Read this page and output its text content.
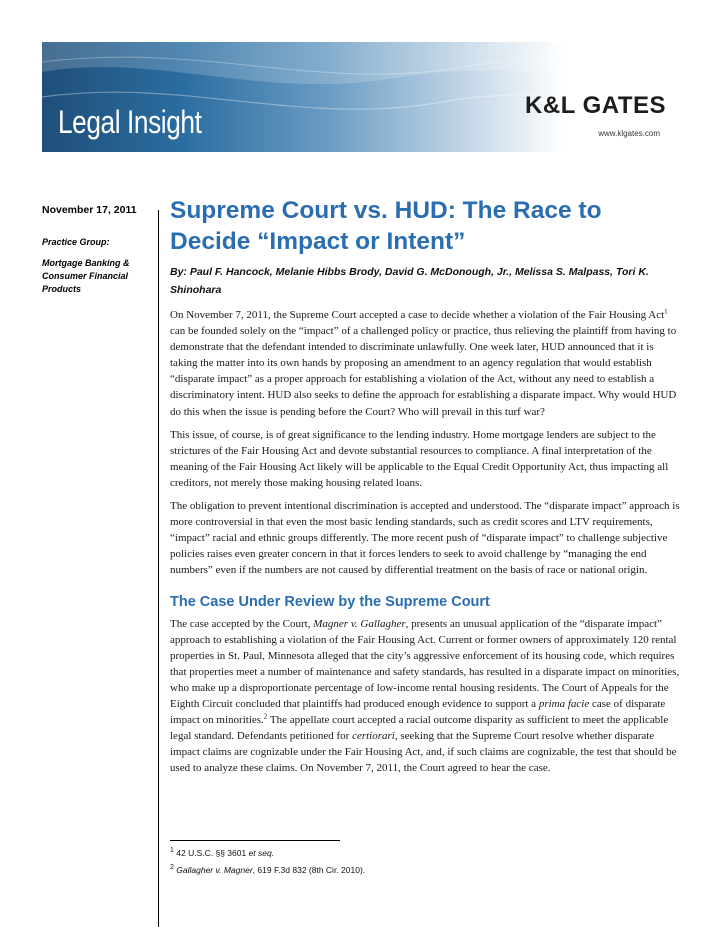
Legal Insight	K&L GATES
www.klgates.com
November 17, 2011
Practice Group:
Mortgage Banking & Consumer Financial Products
Supreme Court vs. HUD: The Race to Decide “Impact or Intent”
By: Paul F. Hancock, Melanie Hibbs Brody, David G. McDonough, Jr., Melissa S. Malpass, Tori K. Shinohara

On November 7, 2011, the Supreme Court accepted a case to decide whether a violation of the Fair Housing Act$^1$ can be founded solely on the “impact” of a challenged policy or practice, thus relieving the plaintiff from having to demonstrate that the defendant intended to discriminate unlawfully. One week later, HUD announced that it is taking the matter into its own hands by proposing an amendment to an agency regulation that would establish “disparate impact” as a proper approach for establishing a violation of the Act, without any need to establish a discriminatory intent. HUD also seeks to define the approach for establishing a disparate impact. Why would HUD do this when the issue is pending before the Court? Who will prevail in this turf war?

This issue, of course, is of great significance to the lending industry. Home mortgage lenders are subject to the strictures of the Fair Housing Act and devote substantial resources to compliance. A final interpretation of the meaning of the Fair Housing Act likely will be applicable to the Equal Credit Opportunity Act, thus impacting all creditors, not merely those making housing related loans.

The obligation to prevent intentional discrimination is accepted and understood. The “disparate impact” approach is more controversial in that even the most basic lending standards, such as credit scores and LTV requirements, “impact” racial and ethnic groups differently. The more recent push of “disparate impact” to challenge subjective policies raises even greater concern in that it forces lenders to seek to avoid challenge by “managing the end numbers” even if the numbers are not caused by differential treatment on the basis of race or national origin.

The Case Under Review by the Supreme Court

The case accepted by the Court, Magner v. Gallagher, presents an unusual application of the “disparate impact” approach to establishing a violation of the Fair Housing Act. Current or former owners of approximately 120 rental properties in St. Paul, Minnesota alleged that the city’s aggressive enforcement of its housing code, which requires that properties meet a number of maintenance and safety standards, has resulted in a disparate impact on minorities, who make up a disproportionate percentage of low-income rental housing residents. The Court of Appeals for the Eighth Circuit concluded that plaintiffs had produced enough evidence to support a prima facie case of disparate impact on minorities.$^2$ The appellate court accepted a racial outcome disparity as sufficient to meet the applicable legal standard. Defendants petitioned for certiorari, seeking that the Supreme Court resolve whether disparate impact claims are cognizable under the Fair Housing Act, and, if such claims are cognizable, the test that should be used to analyze these claims. On November 7, 2011, the Court agreed to hear the case.

$^1$ 42 U.S.C. §§ 3601 et seq.
$^2$ Gallagher v. Magner, 619 F.3d 832 (8th Cir. 2010).
